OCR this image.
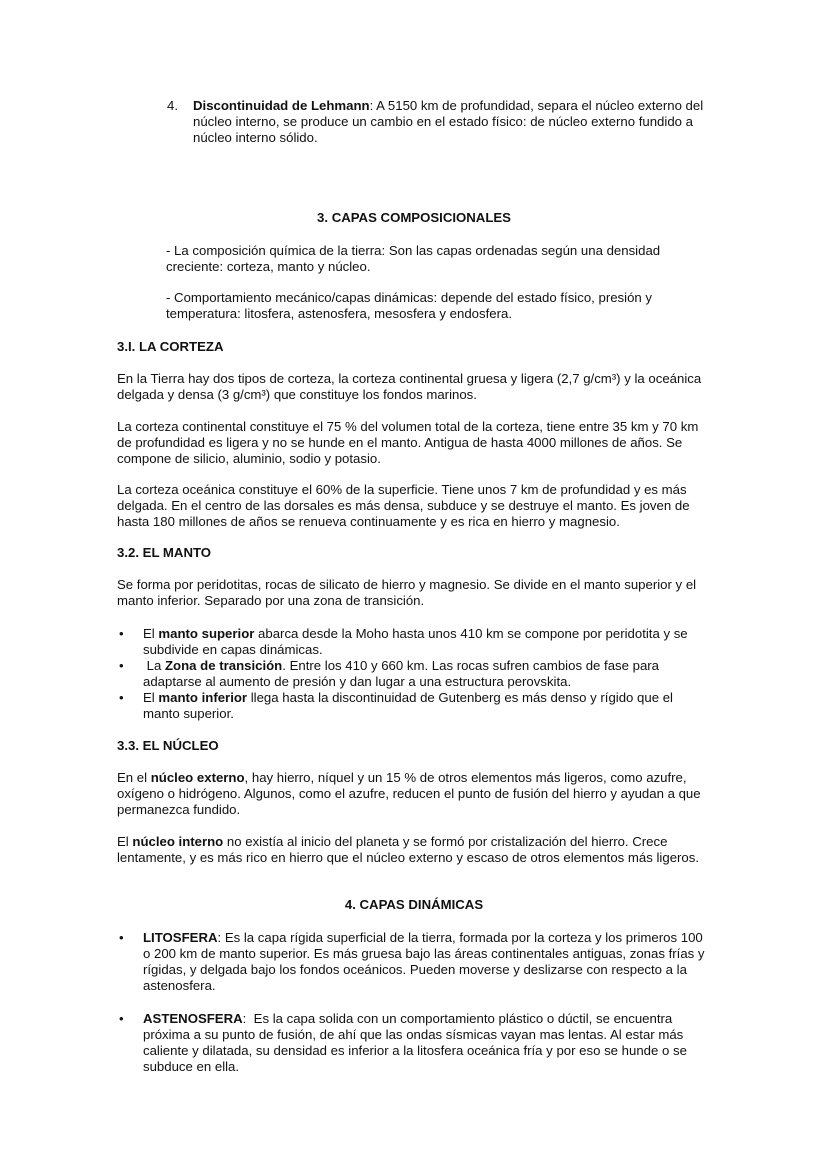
4. Discontinuidad de Lehmann: A 5150 km de profundidad, separa el núcleo externo del
núcleo interno, se produce un cambio en el estado físico: de núcleo externo fundido a
núcleo interno sólido.
3. CAPAS COMPOSICIONALES
- La composición química de la tierra: Son las capas ordenadas según una densidad
creciente: corteza, manto y núcleo.
- Comportamiento mecánico/capas dinámicas: depende del estado físico, presión y
temperatura: litosfera, astenosfera, mesosfera y endosfera.
3.I. LA CORTEZA
En la Tierra hay dos tipos de corteza, la corteza continental gruesa y ligera (2,7 g/cm³) y la oceánica
delgada y densa (3 g/cm³) que constituye los fondos marinos.
La corteza continental constituye el 75 % del volumen total de la corteza, tiene entre 35 km y 70 km
de profundidad es ligera y no se hunde en el manto. Antigua de hasta 4000 millones de años. Se
compone de silicio, aluminio, sodio y potasio.
La corteza oceánica constituye el 60% de la superficie. Tiene unos 7 km de profundidad y es más
delgada. En el centro de las dorsales es más densa, subduce y se destruye el manto. Es joven de
hasta 180 millones de años se renueva continuamente y es rica en hierro y magnesio.
3.2. EL MANTO
Se forma por peridotitas, rocas de silicato de hierro y magnesio. Se divide en el manto superior y el
manto inferior. Separado por una zona de transición.
• El manto superior abarca desde la Moho hasta unos 410 km se compone por peridotita y se
subdivide en capas dinámicas.
• La Zona de transición. Entre los 410 y 660 km. Las rocas sufren cambios de fase para
adaptarse al aumento de presión y dan lugar a una estructura perovskita.
• El manto inferior llega hasta la discontinuidad de Gutenberg es más denso y rígido que el
manto superior.
3.3. EL NÚCLEO
En el núcleo externo, hay hierro, níquel y un 15 % de otros elementos más ligeros, como azufre,
oxígeno o hidrógeno. Algunos, como el azufre, reducen el punto de fusión del hierro y ayudan a que
permanezca fundido.
El núcleo interno no existía al inicio del planeta y se formó por cristalización del hierro. Crece
lentamente, y es más rico en hierro que el núcleo externo y escaso de otros elementos más ligeros.
4. CAPAS DINÁMICAS
• LITOSFERA: Es la capa rígida superficial de la tierra, formada por la corteza y los primeros 100
o 200 km de manto superior. Es más gruesa bajo las áreas continentales antiguas, zonas frías y
rígidas, y delgada bajo los fondos oceánicos. Pueden moverse y deslizarse con respecto a la
astenosfera.
• ASTENOSFERA:  Es la capa solida con un comportamiento plástico o dúctil, se encuentra
próxima a su punto de fusión, de ahí que las ondas sísmicas vayan mas lentas. Al estar más
caliente y dilatada, su densidad es inferior a la litosfera oceánica fría y por eso se hunde o se
subduce en ella.
